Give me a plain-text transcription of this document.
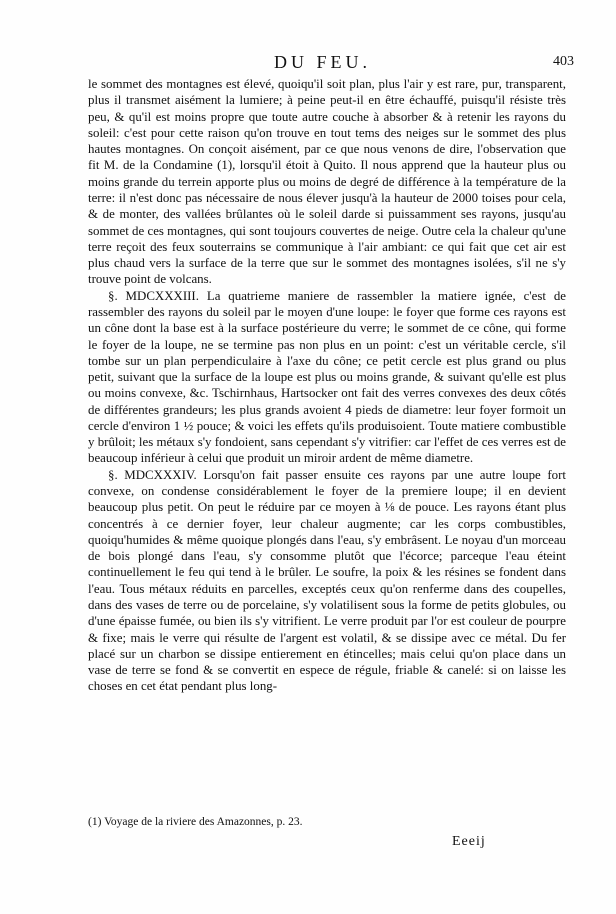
DU FEU.	403

le sommet des montagnes est élevé, quoiqu'il soit plan, plus l'air y est rare, pur, transparent, plus il transmet aisément la lumiere; à peine peut-il en être échauffé, puisqu'il résiste très peu, & qu'il est moins propre que toute autre couche à absorber & à retenir les rayons du soleil: c'est pour cette raison qu'on trouve en tout tems des neiges sur le sommet des plus hautes montagnes. On conçoit aisément, par ce que nous venons de dire, l'observation que fit M. de la Condamine (1), lorsqu'il étoit à Quito. Il nous apprend que la hauteur plus ou moins grande du terrein apporte plus ou moins de degré de différence à la température de la terre: il n'est donc pas nécessaire de nous élever jusqu'à la hauteur de 2000 toises pour cela, & de monter, des vallées brûlantes où le soleil darde si puissamment ses rayons, jusqu'au sommet de ces montagnes, qui sont toujours couvertes de neige. Outre cela la chaleur qu'une terre reçoit des feux souterrains se communique à l'air ambiant: ce qui fait que cet air est plus chaud vers la surface de la terre que sur le sommet des montagnes isolées, s'il ne s'y trouve point de volcans.

§. MDCXXXIII. La quatrieme maniere de rassembler la matiere ignée, c'est de rassembler des rayons du soleil par le moyen d'une loupe: le foyer que forme ces rayons est un cône dont la base est à la surface postérieure du verre; le sommet de ce cône, qui forme le foyer de la loupe, ne se termine pas non plus en un point: c'est un véritable cercle, s'il tombe sur un plan perpendiculaire à l'axe du cône; ce petit cercle est plus grand ou plus petit, suivant que la surface de la loupe est plus ou moins grande, & suivant qu'elle est plus ou moins convexe, &c. Tschirnhaus, Hartsocker ont fait des verres convexes des deux côtés de différentes grandeurs; les plus grands avoient 4 pieds de diametre: leur foyer formoit un cercle d'environ 1 ½ pouce; & voici les effets qu'ils produisoient. Toute matiere combustible y brûloit; les métaux s'y fondoient, sans cependant s'y vitrifier: car l'effet de ces verres est de beaucoup inférieur à celui que produit un miroir ardent de même diametre.

§. MDCXXXIV. Lorsqu'on fait passer ensuite ces rayons par une autre loupe fort convexe, on condense considérablement le foyer de la premiere loupe; il en devient beaucoup plus petit. On peut le réduire par ce moyen à ⅛ de pouce. Les rayons étant plus concentrés à ce dernier foyer, leur chaleur augmente; car les corps combustibles, quoiqu'humides & même quoique plongés dans l'eau, s'y embrâsent. Le noyau d'un morceau de bois plongé dans l'eau, s'y consomme plutôt que l'écorce; parceque l'eau éteint continuellement le feu qui tend à le brûler. Le soufre, la poix & les résines se fondent dans l'eau. Tous métaux réduits en parcelles, exceptés ceux qu'on renferme dans des coupelles, dans des vases de terre ou de porcelaine, s'y volatilisent sous la forme de petits globules, ou d'une épaisse fumée, ou bien ils s'y vitrifient. Le verre produit par l'or est couleur de pourpre & fixe; mais le verre qui résulte de l'argent est volatil, & se dissipe avec ce métal. Du fer placé sur un charbon se dissipe entierement en étincelles; mais celui qu'on place dans un vase de terre se fond & se convertit en espece de régule, friable & canelé: si on laisse les choses en cet état pendant plus long-

(1) Voyage de la riviere des Amazonnes, p. 23.
Eeeij
